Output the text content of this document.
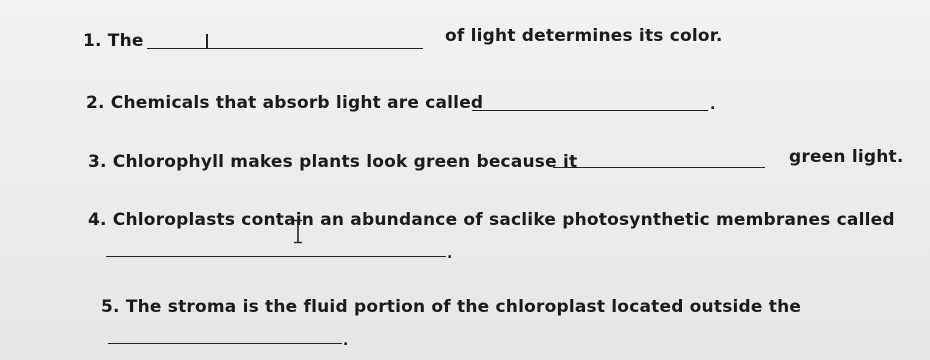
1. The	of light determines its color.
2. Chemicals that absorb light are called	.
3. Chlorophyll makes plants look green because it	green light.
4. Chloroplasts contain an abundance of saclike photosynthetic membranes called
.
5. The stroma is the fluid portion of the chloroplast located outside the
.
